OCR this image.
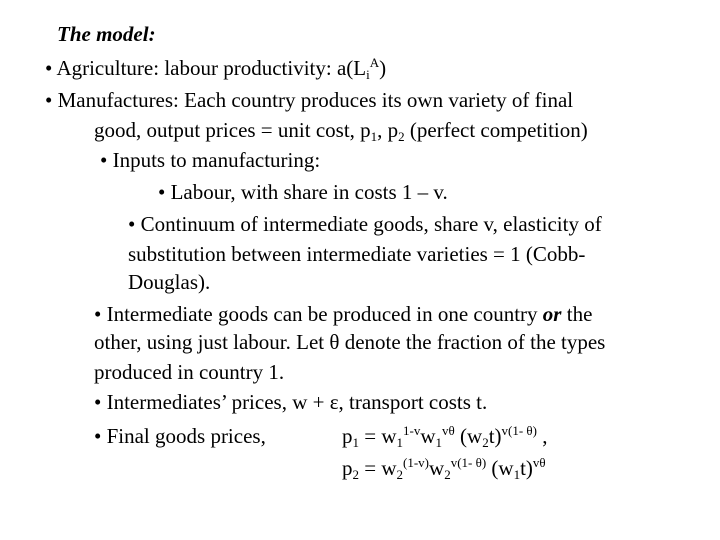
The model:
• Agriculture: labour productivity: $a(L_i^A)$
• Manufactures: Each country produces its own variety of final
good, output prices = unit cost, $p_1$, $p_2$ (perfect competition)
• Inputs to manufacturing:
• Labour, with share in costs 1 – v.
• Continuum of intermediate goods, share v, elasticity of
substitution between intermediate varieties = 1 (Cobb-
Douglas).
• Intermediate goods can be produced in one country or the
other, using just labour. Let θ denote the fraction of the types
produced in country 1.
• Intermediates’ prices, w + ε, transport costs t.
• Final goods prices,	$p_1 = w_1^{1-v}w_1^{v\theta}$ $(w_2t)^{v(1- \theta)}$ ,
$p_2 = w_2^{(1-v)}w_2^{v(1- \theta)}$ $(w_1t)^{v\theta}$
